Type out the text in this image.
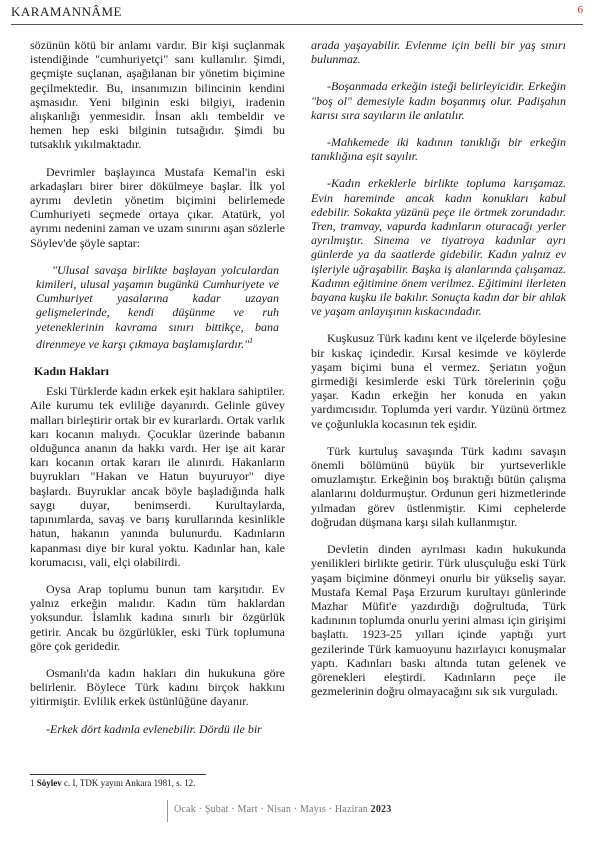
KARAMANNÂME	6

sözünün kötü bir anlamı vardır. Bir kişi suçlanmak istendiğinde "cumhuriyetçi" sanı kullanılır. Şimdi, geçmişte suçlanan, aşağılanan bir yönetim biçimine geçilmektedir. Bu, insanımızın bilincinin kendini aşmasıdır. Yeni bilginin eski bilgiyi, iradenin alışkanlığı yenmesidir. İnsan aklı tembeldir ve hemen hep eski bilginin tutsağıdır. Şimdi bu tutsaklık yıkılmaktadır.

Devrimler başlayınca Mustafa Kemal'in eski arkadaşları birer birer dökülmeye başlar. İlk yol ayrımı devletin yönetim biçimini belirlemede Cumhuriyeti seçmede ortaya çıkar. Atatürk, yol ayrımı nedenini zaman ve uzam sınırını aşan sözlerle Söylev'de şöyle saptar:

"Ulusal savaşa birlikte başlayan yolculardan kimileri, ulusal yaşamın bugünkü Cumhuriyete ve Cumhuriyet yasalarına kadar uzayan gelişmelerinde, kendi düşünme ve ruh yeteneklerinin kavrama sınırı bittikçe, bana direnmeye ve karşı çıkmaya başlamışlardır."$^1$

Kadın Hakları

Eski Türklerde kadın erkek eşit haklara sahiptiler. Aile kurumu tek evliliğe dayanırdı. Gelinle güvey malları birleştirir ortak bir ev kurarlardı. Ortak varlık karı kocanın malıydı. Çocuklar üzerinde babanın olduğunca ananın da hakkı vardı. Her işe ait karar karı kocanın ortak kararı ile alınırdı. Hakanların buyrukları "Hakan ve Hatun buyuruyor" diye başlardı. Buyruklar ancak böyle başladığında halk saygı duyar, benimserdi. Kurultaylarda, tapınımlarda, savaş ve barış kurullarında kesinlikle hatun, hakanın yanında bulunurdu. Kadınların kapanması diye bir kural yoktu. Kadınlar han, kale korumacısı, vali, elçi olabilirdi.

Oysa Arap toplumu bunun tam karşıtıdır. Ev yalnız erkeğin malıdır. Kadın tüm haklardan yoksundur. İslamlık kadına sınırlı bir özgürlük getirir. Ancak bu özgürlükler, eski Türk toplumuna göre çok geridedir.

Osmanlı'da kadın hakları din hukukuna göre belirlenir. Böylece Türk kadını birçok hakkını yitirmiştir. Evlilik erkek üstünlüğüne dayanır.

-Erkek dört kadınla evlenebilir. Dördü ile bir

arada yaşayabilir. Evlenme için belli bir yaş sınırı bulunmaz.

-Boşanmada erkeğin isteği belirleyicidir. Erkeğin "boş ol" demesiyle kadın boşanmış olur. Padişahın karısı sıra sayıların ile anlatılır.

-Mahkemede iki kadının tanıklığı bir erkeğin tanıklığına eşit sayılır.

-Kadın erkeklerle birlikte topluma karışamaz. Evin hareminde ancak kadın konukları kabul edebilir. Sokakta yüzünü peçe ile örtmek zorundadır. Tren, tramvay, vapurda kadınların oturacağı yerler ayrılmıştır. Sinema ve tiyatroya kadınlar ayrı günlerde ya da saatlerde gidebilir. Kadın yalnız ev işleriyle uğraşabilir. Başka iş alanlarında çalışamaz. Kadının eğitimine önem verilmez. Eğitimini ilerleten bayana kuşku ile bakılır. Sonuçta kadın dar bir ahlak ve yaşam anlayışının kıskacındadır.

Kuşkusuz Türk kadını kent ve ilçelerde böylesine bir kıskaç içindedir. Kırsal kesimde ve köylerde yaşam biçimi buna el vermez. Şeriatın yoğun girmediği kesimlerde eski Türk törelerinin çoğu yaşar. Kadın erkeğin her konuda en yakın yardımcısıdır. Toplumda yeri vardır. Yüzünü örtmez ve çoğunlukla kocasının tek eşidir.

Türk kurtuluş savaşında Türk kadını savaşın önemli bölümünü büyük bir yurtseverlikle omuzlamıştır. Erkeğinin boş bıraktığı bütün çalışma alanlarını doldurmuştur. Ordunun geri hizmetlerinde yılmadan görev üstlenmiştir. Kimi cephelerde doğrudan düşmana karşı silah kullanmıştır.

Devletin dinden ayrılması kadın hukukunda yenilikleri birlikte getirir. Türk ulusçuluğu eski Türk yaşam biçimine dönmeyi onurlu bir yükseliş sayar. Mustafa Kemal Paşa Erzurum kurultayı günlerinde Mazhar Müfit'e yazdırdığı doğrultuda, Türk kadınının toplumda onurlu yerini alması için girişimi başlattı. 1923-25 yılları içinde yaptığı yurt gezilerinde Türk kamuoyunu hazırlayıcı konuşmalar yaptı. Kadınları baskı altında tutan gelenek ve görenekleri eleştirdi. Kadınların peçe ile gezmelerinin doğru olmayacağını sık sık vurguladı.

1 Söylev c. I, TDK yayını Ankara 1981, s. 12.
Ocak · Şubat · Mart · Nisan · Mayıs · Haziran 2023
